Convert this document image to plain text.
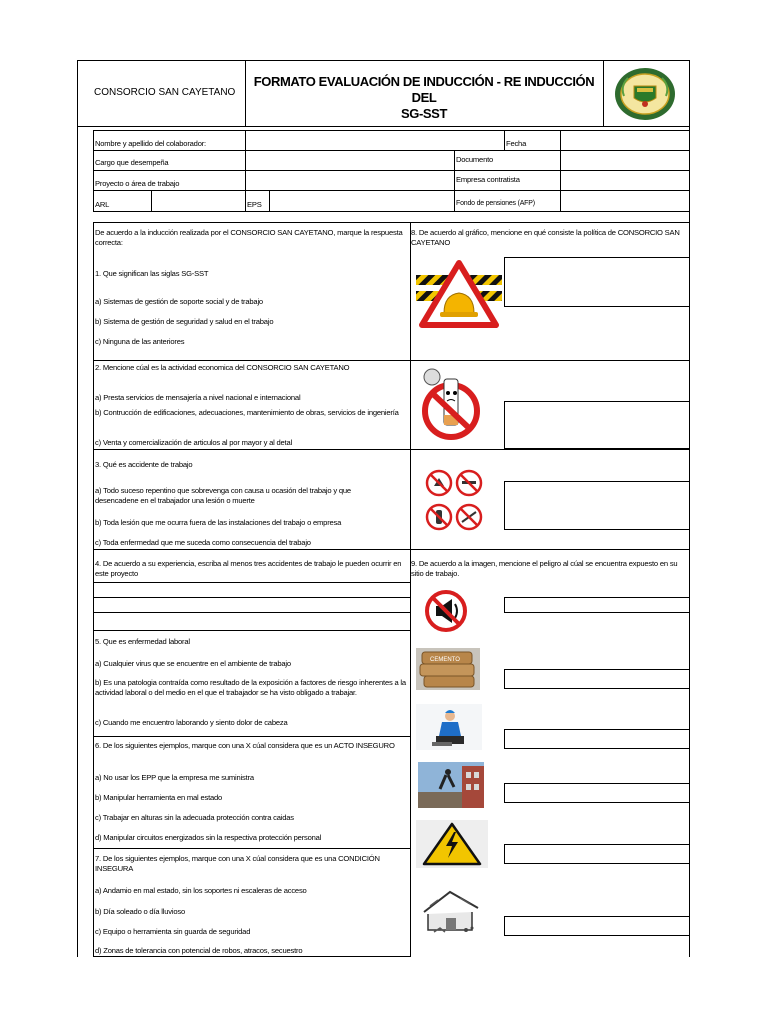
CONSORCIO SAN CAYETANO
FORMATO EVALUACIÓN DE INDUCCIÓN - RE INDUCCIÓN DEL
SG-SST
Nombre y apellido del colaborador:	Fecha
Cargo que desempeña	Documento
Proyecto o área de trabajo	Empresa contratista
ARL	EPS	Fondo de pensiones (AFP)
De acuerdo a la inducción realizada por el CONSORCIO SAN CAYETANO, marque la respuesta correcta:
1. Que significan las siglas SG-SST
a) Sistemas de gestión de soporte social y de trabajo
b) Sistema de gestión de seguridad y salud en el trabajo
c) Ninguna de las anteriores
2. Mencione cúal es la actividad economica del CONSORCIO SAN CAYETANO
a) Presta servicios de mensajería a nivel nacional e internacional
b) Contrucción de edificaciones, adecuaciones, mantenimiento de obras, servicios de ingeniería
c) Venta y comercialización de articulos al por mayor y al detal
3. Qué es accidente de trabajo
a) Todo suceso repentino que sobrevenga con causa u ocasión del trabajo y que desencadene en el trabajador una lesión o muerte
b) Toda lesión que me ocurra fuera de las instalaciones del trabajo o empresa
c) Toda enfermedad que me suceda como consecuencia del trabajo
4. De acuerdo a su experiencia, escriba al menos tres accidentes de trabajo le pueden ocurrir en este proyecto
5. Que es enfermedad laboral
a) Cualquier virus que se encuentre en el ambiente de trabajo
b) Es una patologia contraída como resultado de la exposición a factores de riesgo inherentes a la actividad laboral o del medio en el que el trabajador se ha visto obligado a trabajar.
c) Cuando me encuentro laborando y siento dolor de cabeza
6. De los siguientes ejemplos, marque con una X cúal considera que es un ACTO INSEGURO
a) No usar los EPP que la empresa me suministra
b) Manipular herramienta en mal estado
c) Trabajar en alturas sin la adecuada protección contra caidas
d) Manipular circuitos energizados sin la respectiva protección personal
7. De los siguientes ejemplos, marque con una X cúal considera que es una CONDICIÓN INSEGURA
a) Andamio en mal estado, sin los soportes ni escaleras de acceso
b) Día soleado o día lluvioso
c) Equipo o herramienta sin guarda de seguridad
d) Zonas de tolerancia con potencial de robos, atracos, secuestro
8. De acuerdo al gráfico, mencione en qué consiste la política de CONSORCIO SAN CAYETANO
9. De acuerdo a la imagen, mencione el peligro al cúal se encuentra expuesto en su sitio de trabajo.
CEMENTO
